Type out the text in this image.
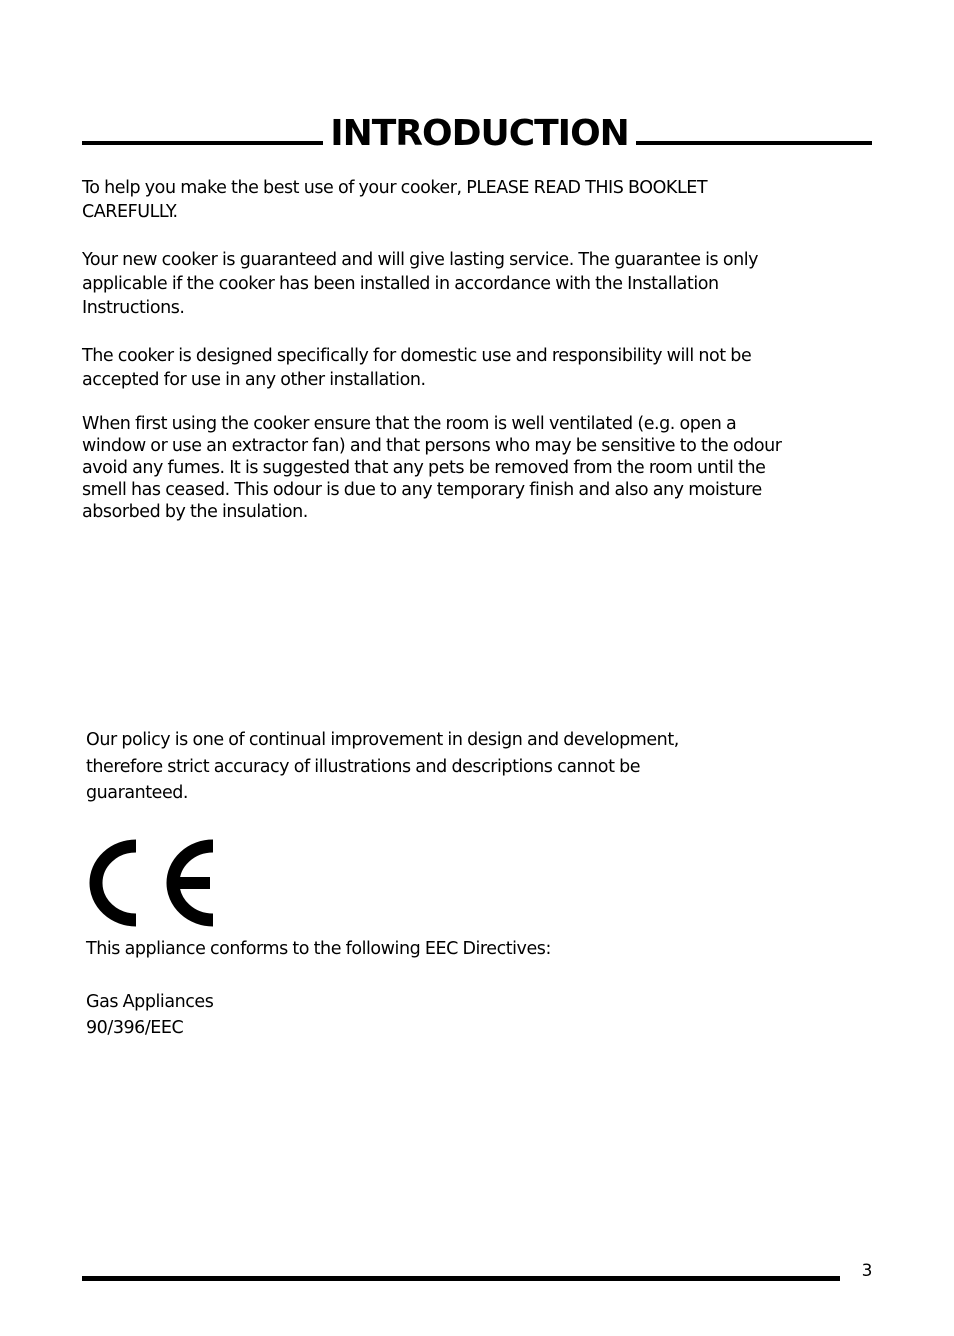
INTRODUCTION

To help you make the best use of your cooker, PLEASE READ THIS BOOKLET
CAREFULLY.

Your new cooker is guaranteed and will give lasting service. The guarantee is only
applicable if the cooker has been installed in accordance with the Installation
Instructions.

The cooker is designed specifically for domestic use and responsibility will not be
accepted for use in any other installation.

When first using the cooker ensure that the room is well ventilated (e.g. open a
window or use an extractor fan) and that persons who may be sensitive to the odour
avoid any fumes. It is suggested that any pets be removed from the room until the
smell has ceased. This odour is due to any temporary finish and also any moisture
absorbed by the insulation.

Our policy is one of continual improvement in design and development,
therefore strict accuracy of illustrations and descriptions cannot be
guaranteed.

This appliance conforms to the following EEC Directives:

Gas Appliances

90/396/EEC

3
